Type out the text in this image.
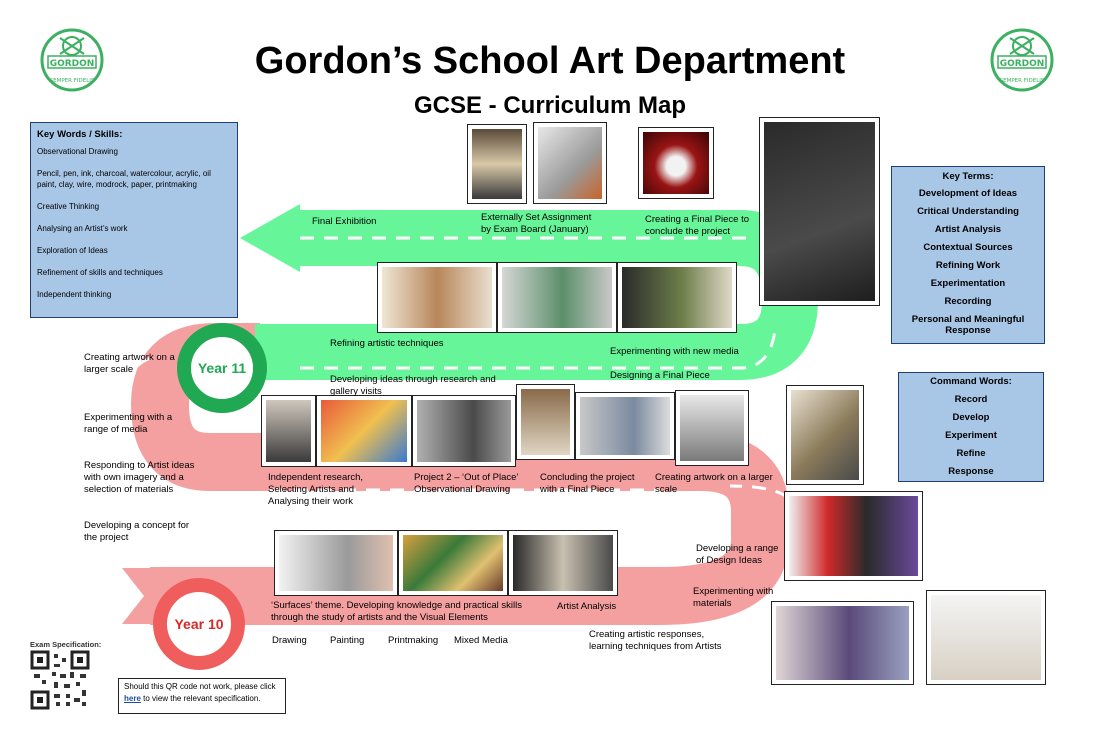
GORDON
SEMPER FIDELIS
GORDON
SEMPER FIDELIS
Gordon’s School Art Department
GCSE - Curriculum Map
Year 10
Year 11
Key Words / Skills:
Observational Drawing
Pencil, pen, ink, charcoal, watercolour, acrylic, oil paint, clay, wire, modrock, paper, printmaking
Creative Thinking
Analysing an Artist’s work
Exploration of Ideas
Refinement of skills and techniques
Independent thinking
Key Terms:
Development of Ideas
Critical Understanding
Artist Analysis
Contextual Sources
Refining Work
Experimentation
Recording
Personal and Meaningful Response
Command Words:
Record
Develop
Experiment
Refine
Response
Final Exhibition	Externally Set Assignment by Exam Board (January)
Creating a Final Piece to conclude the project
Refining artistic techniques
Experimenting with new media
Designing a Final Piece
Developing ideas through research and gallery visits
Creating artwork on a larger scale
Experimenting with a range of media
Responding to Artist ideas with own imagery and a selection of materials
Developing a concept for the project
Independent research, Selecting Artists and Analysing their work
Project 2 – ‘Out of Place’ Observational Drawing
Concluding the project with a Final Piece
Creating artwork on a larger scale
Developing a range of Design Ideas
Experimenting with materials
‘Surfaces’ theme. Developing knowledge and practical skills through the study of artists and the Visual Elements
Artist Analysis
Creating artistic responses, learning techniques from Artists
Drawing Painting Printmaking Mixed Media
Exam Specification:
Should this QR code not work, please click
here to view the relevant specification.
